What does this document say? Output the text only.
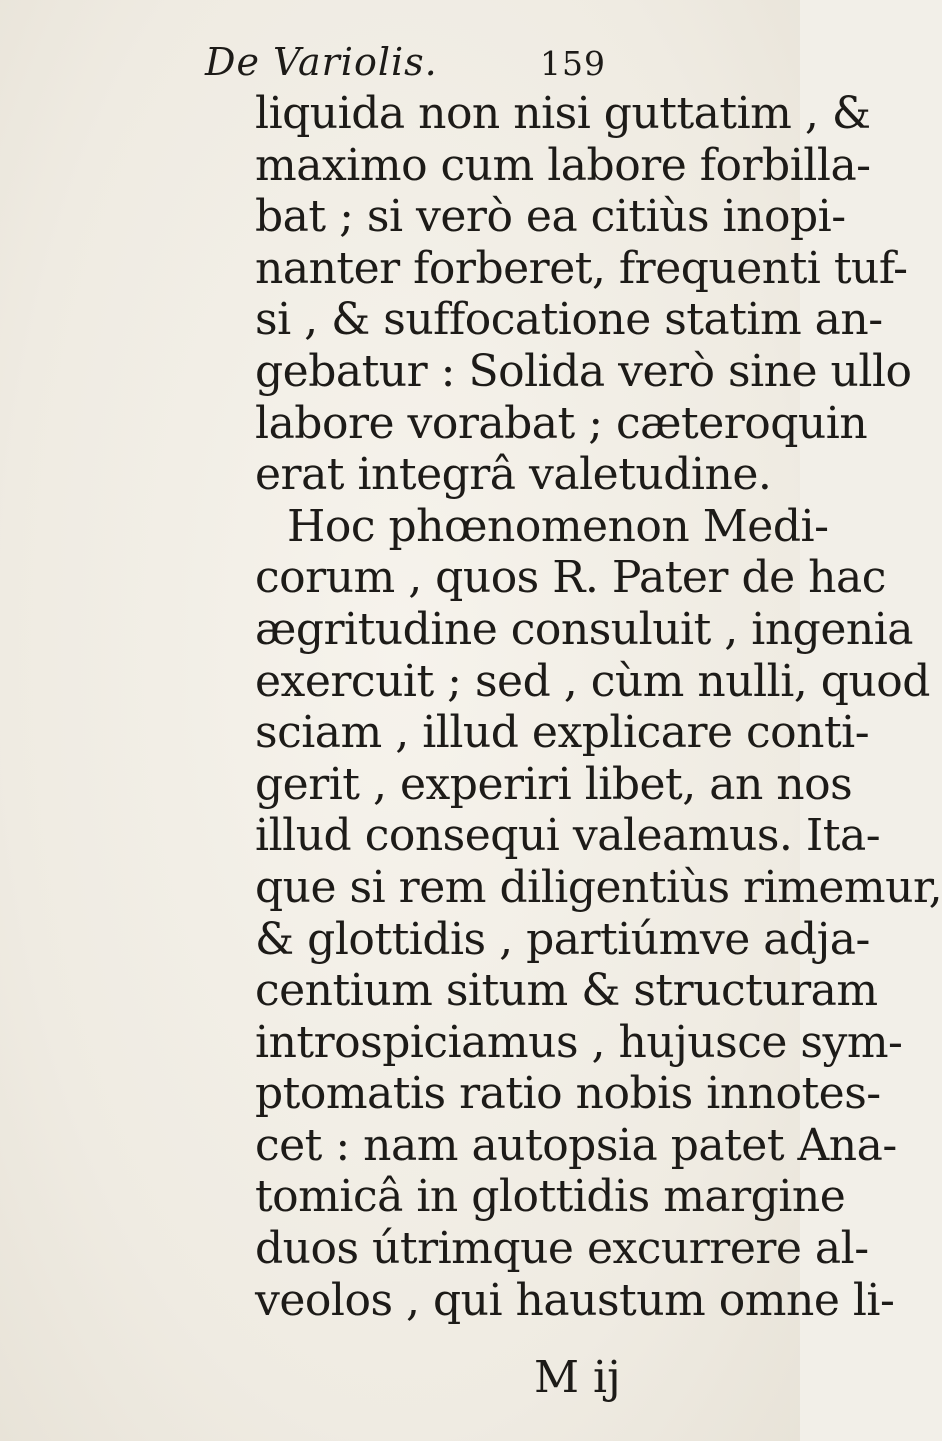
De Variolis.	159
liquida non nisi guttatim , &
maximo cum labore forbilla-
bat ; si verò ea citiùs inopi-
nanter forberet, frequenti tuf-
si , & suffocatione statim an-
gebatur : Solida verò sine ullo
labore vorabat ; cæteroquin
erat integrâ valetudine.
Hoc phœnomenon Medi-
corum , quos R. Pater de hac
ægritudine consuluit , ingenia
exercuit ; sed , cùm nulli, quod
sciam , illud explicare conti-
gerit , experiri libet, an nos
illud consequi valeamus. Ita-
que si rem diligentiùs rimemur,
& glottidis , partiúmve adja-
centium situm & structuram
introspiciamus , hujusce sym-
ptomatis ratio nobis innotes-
cet : nam autopsia patet Ana-
tomicâ in glottidis margine
duos útrimque excurrere al-
veolos , qui haustum omne li-
M ij
